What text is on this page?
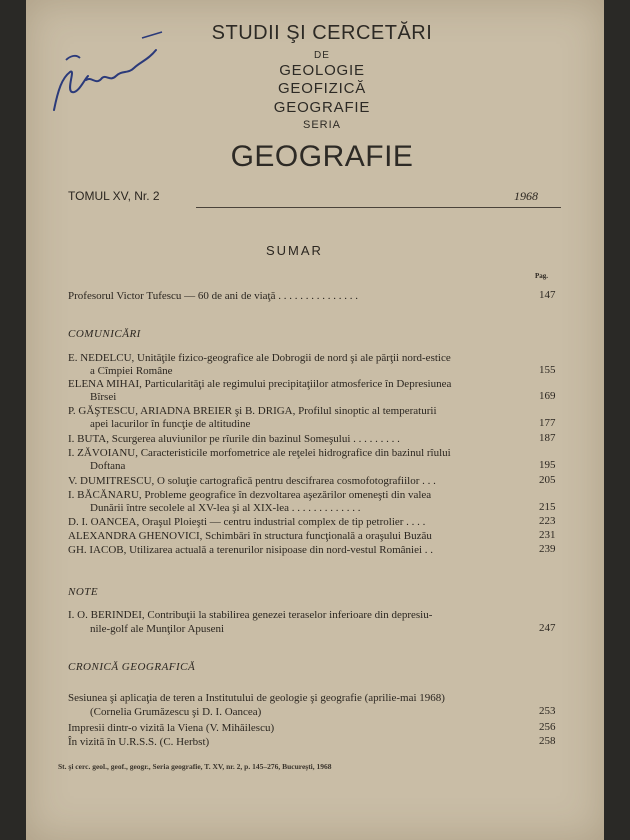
STUDII ŞI CERCETĂRI
DE
GEOLOGIE
GEOFIZICĂ
GEOGRAFIE
SERIA
GEOGRAFIE
TOMUL XV, Nr. 2	1968
SUMAR
Pag.
Profesorul Victor Tufescu — 60 de ani de viaţă . . . . . . . . . . . . . . .	147
COMUNICĂRI
E. NEDELCU, Unităţile fizico-geografice ale Dobrogii de nord şi ale părţii nord-estice
a Cîmpiei Române	155
ELENA MIHAI, Particularităţi ale regimului precipitaţiilor atmosferice în Depresiunea
Bîrsei	169
P. GĂŞTESCU, ARIADNA BREIER şi B. DRIGA, Profilul sinoptic al temperaturii
apei lacurilor în funcţie de altitudine	177
I. BUTA, Scurgerea aluviunilor pe rîurile din bazinul Someşului . . . . . . . . .	187
I. ZĂVOIANU, Caracteristicile morfometrice ale reţelei hidrografice din bazinul rîului
Doftana	195
V. DUMITRESCU, O soluţie cartografică pentru descifrarea cosmofotografiilor . . .	205
I. BĂCĂNARU, Probleme geografice în dezvoltarea aşezărilor omeneşti din valea
Dunării între secolele al XV-lea şi al XIX-lea . . . . . . . . . . . . .	215
D. I. OANCEA, Oraşul Ploieşti — centru industrial complex de tip petrolier . . . .	223
ALEXANDRA GHENOVICI, Schimbări în structura funcţională a oraşului Buzău	231
GH. IACOB, Utilizarea actuală a terenurilor nisipoase din nord-vestul României . .	239
NOTE
I. O. BERINDEI, Contribuţii la stabilirea genezei teraselor inferioare din depresiu-
nile-golf ale Munţilor Apuseni	247
CRONICĂ GEOGRAFICĂ
Sesiunea şi aplicaţia de teren a Institutului de geologie şi geografie (aprilie-mai 1968)
(Cornelia Grumăzescu şi D. I. Oancea)	253
Impresii dintr-o vizită la Viena (V. Mihăilescu)	256
În vizită în U.R.S.S. (C. Herbst)	258
St. şi cerc. geol., geof., geogr., Seria geografie, T. XV, nr. 2, p. 145–276, Bucureşti, 1968
